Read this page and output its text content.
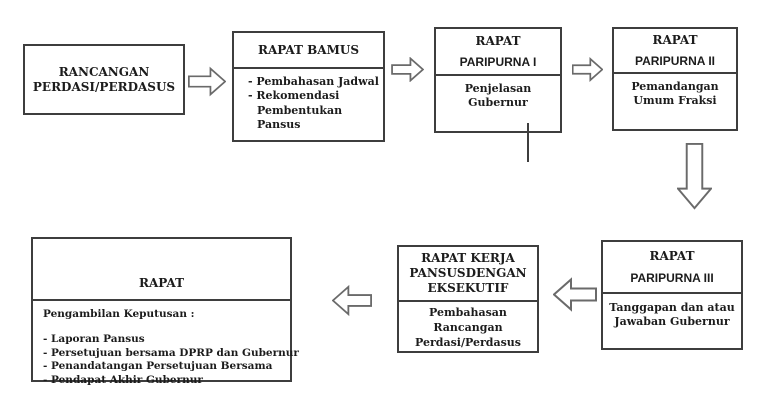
RANCANGAN
PERDASI/PERDASUS
RAPAT BAMUS
- Pembahasan Jadwal
- Rekomendasi Pembentukan Pansus
RAPAT
PARIPURNA I
Penjelasan
Gubernur
RAPAT
PARIPURNA II
Pemandangan
Umum Fraksi
RAPAT
PARIPURNA III
Tanggapan dan atau
Jawaban Gubernur
RAPAT KERJA
PANSUSDENGAN
EKSEKUTIF
Pembahasan
Rancangan
Perdasi/Perdasus
RAPAT
Pengambilan Keputusan :
- Laporan Pansus
- Persetujuan bersama DPRP dan Gubernur
- Penandatangan Persetujuan Bersama
- Pendapat Akhir Gubernur
